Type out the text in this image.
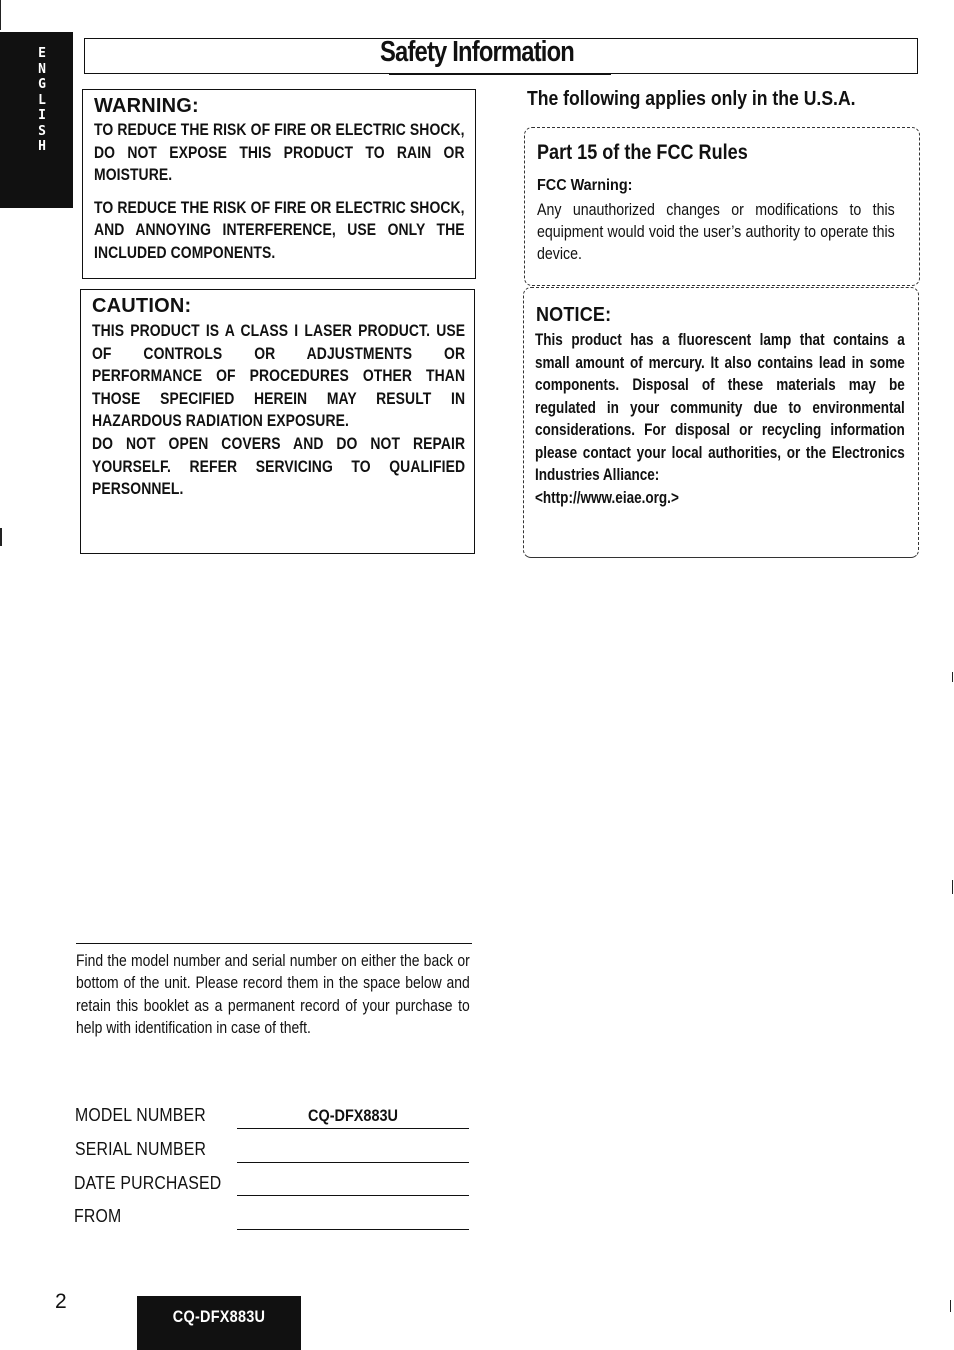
ENGLISH
Safety Information
WARNING:
TO REDUCE THE RISK OF FIRE OR ELECTRIC SHOCK, DO NOT EXPOSE THIS PRODUCT TO RAIN OR MOISTURE.
TO REDUCE THE RISK OF FIRE OR ELECTRIC SHOCK, AND ANNOYING INTERFERENCE, USE ONLY THE INCLUDED COMPONENTS.
CAUTION:
THIS PRODUCT IS A CLASS I LASER PRODUCT. USE OF CONTROLS OR ADJUSTMENTS OR PERFORMANCE OF PROCEDURES OTHER THAN THOSE SPECIFIED HEREIN MAY RESULT IN HAZARDOUS RADIATION EXPOSURE.
DO NOT OPEN COVERS AND DO NOT REPAIR YOURSELF. REFER SERVICING TO QUALIFIED PERSONNEL.
The following applies only in the U.S.A.
Part 15 of the FCC Rules
FCC Warning:
Any unauthorized changes or modifications to this equipment would void the user’s authority to operate this device.
NOTICE:
This product has a fluorescent lamp that contains a small amount of mercury. It also contains lead in some components. Disposal of these materials may be regulated in your community due to environmental considerations. For disposal or recycling information please contact your local authorities, or the Electronics Industries Alliance:
<http://www.eiae.org.>
Find the model number and serial number on either the back or bottom of the unit. Please record them in the space below and retain this booklet as a permanent record of your purchase to help with identification in case of theft.
MODEL NUMBER	CQ-DFX883U
SERIAL NUMBER
DATE PURCHASED
FROM
2
CQ-DFX883U
